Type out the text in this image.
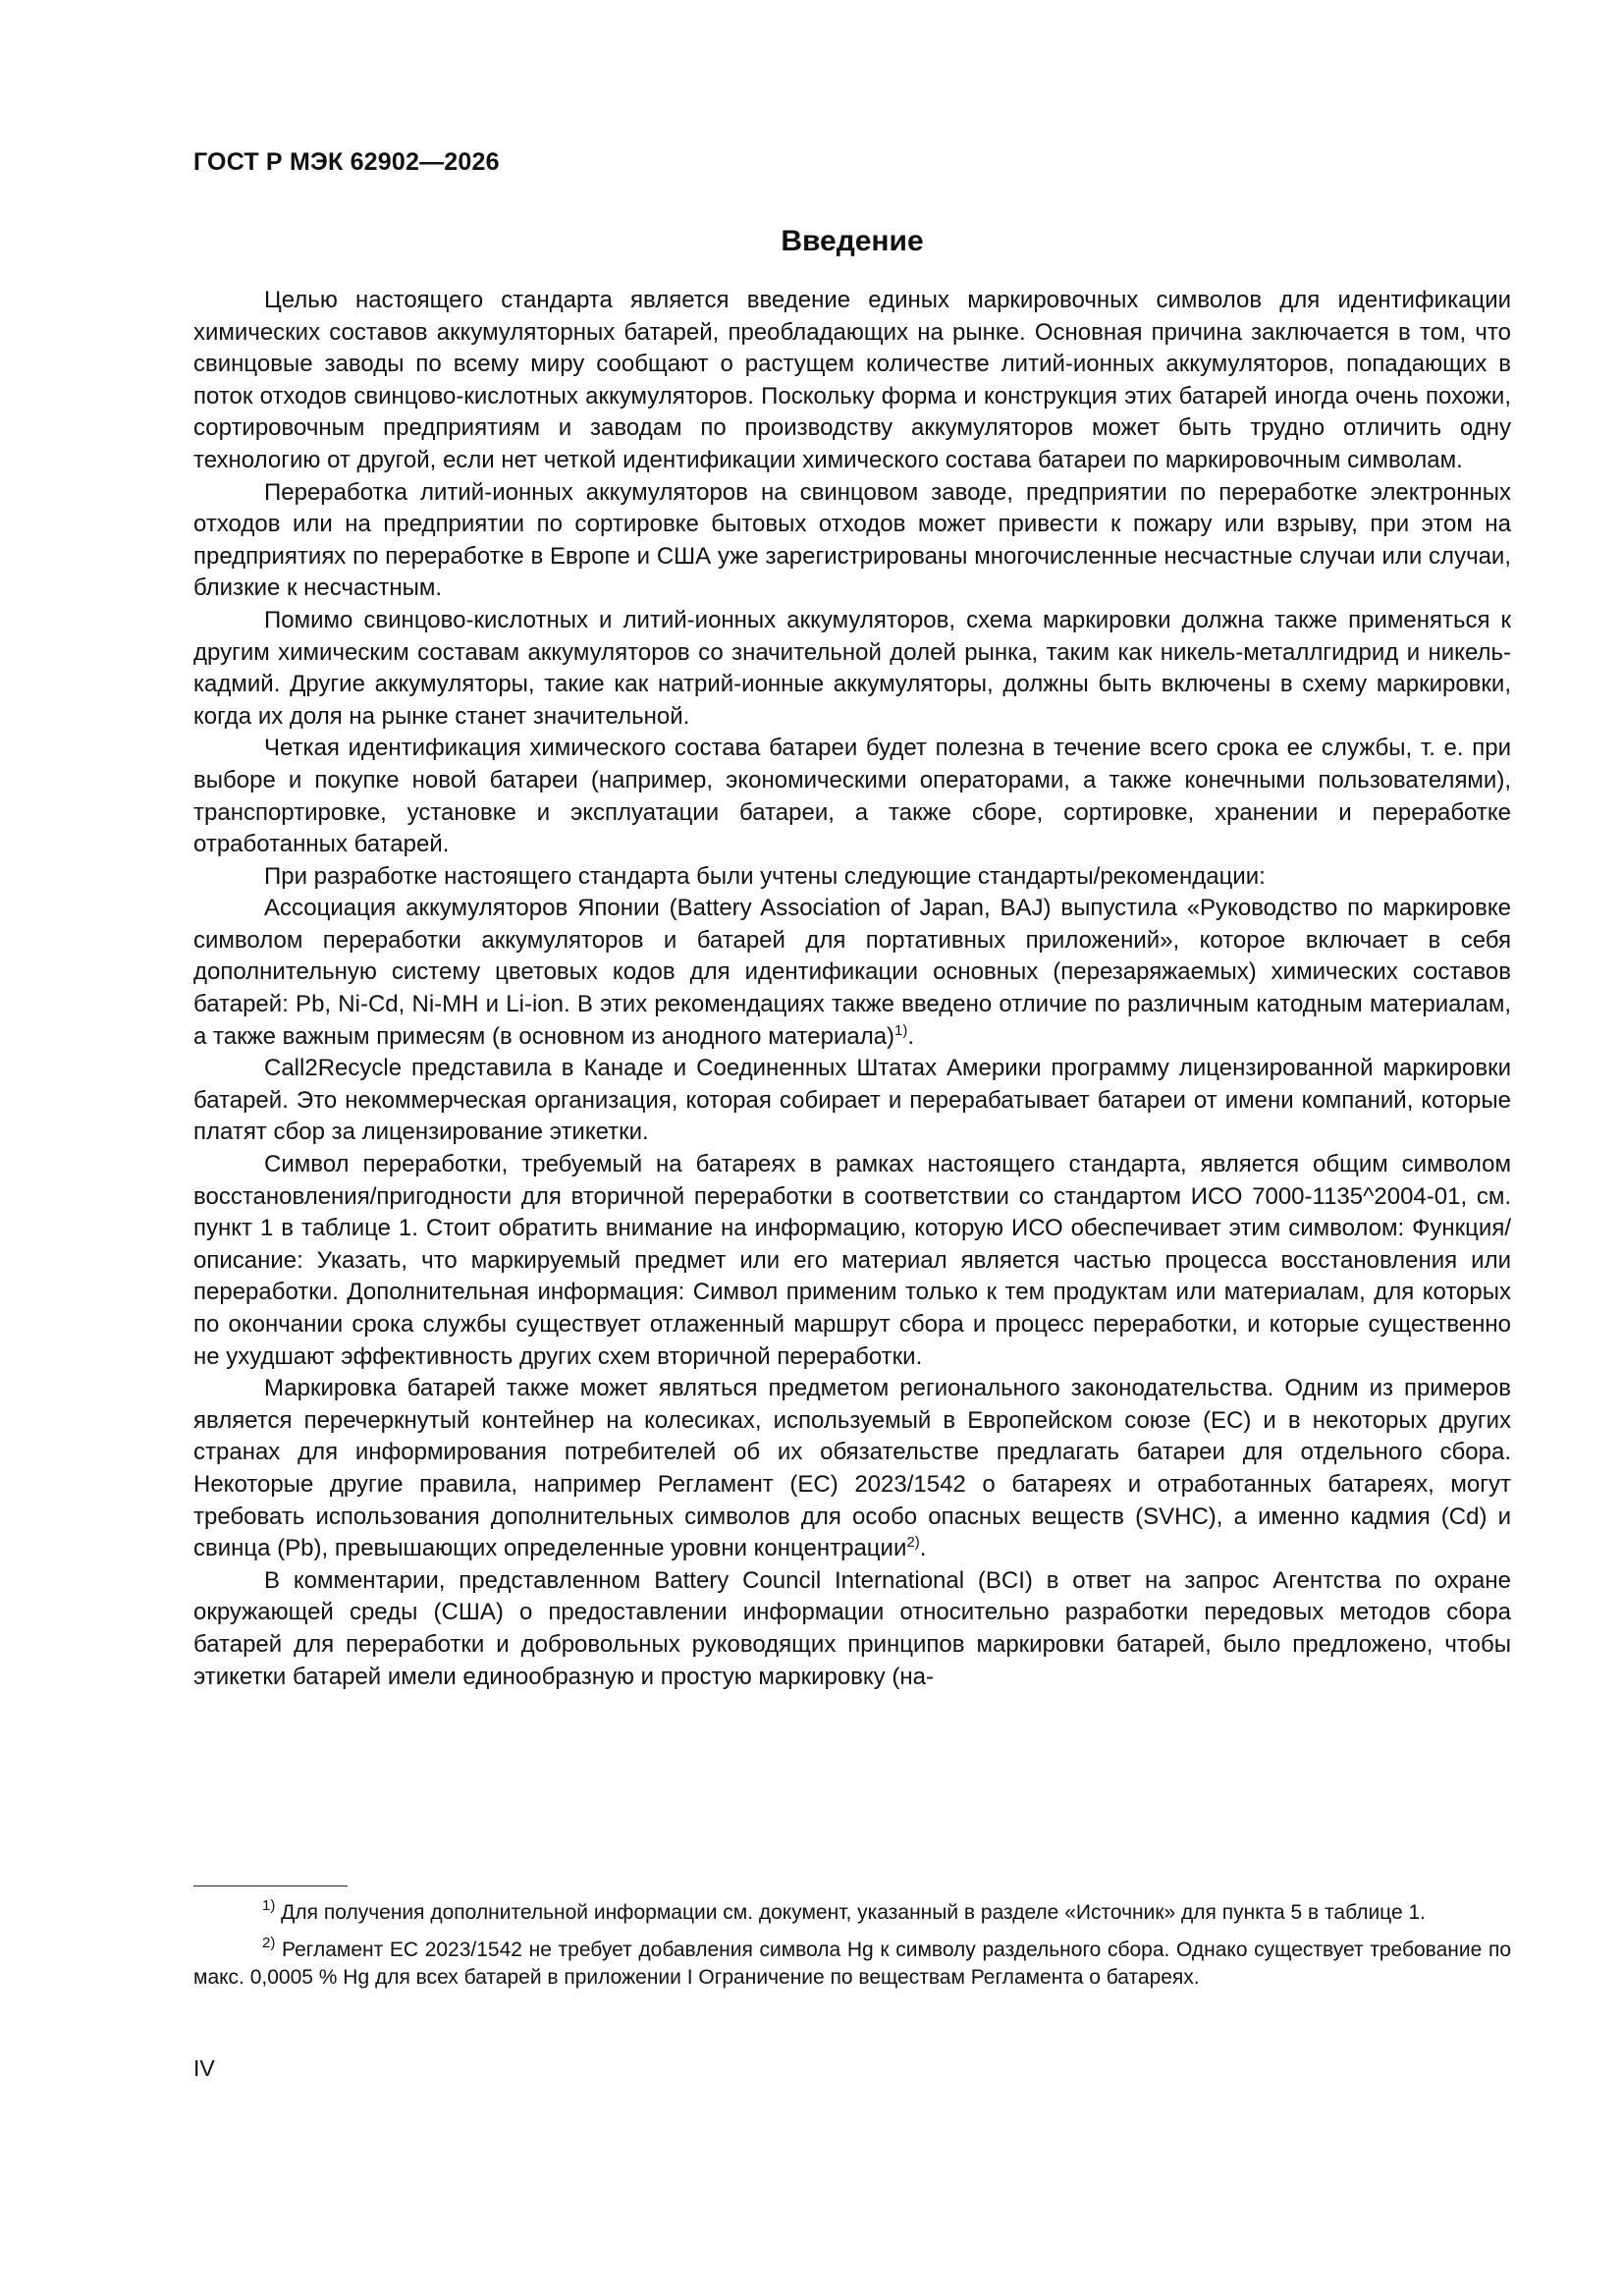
ГОСТ Р МЭК 62902—2026
Введение

Целью настоящего стандарта является введение единых маркировочных символов для идентификации химических составов аккумуляторных батарей, преобладающих на рынке. Основная причина заключается в том, что свинцовые заводы по всему миру сообщают о растущем количестве литий-ионных аккумуляторов, попадающих в поток отходов свинцово-кислотных аккумуляторов. Поскольку форма и конструкция этих батарей иногда очень похожи, сортировочным предприятиям и заводам по производству аккумуляторов может быть трудно отличить одну технологию от другой, если нет четкой идентификации химического состава батареи по маркировочным символам.

Переработка литий-ионных аккумуляторов на свинцовом заводе, предприятии по переработке электронных отходов или на предприятии по сортировке бытовых отходов может привести к пожару или взрыву, при этом на предприятиях по переработке в Европе и США уже зарегистрированы многочисленные несчастные случаи или случаи, близкие к несчастным.

Помимо свинцово-кислотных и литий-ионных аккумуляторов, схема маркировки должна также применяться к другим химическим составам аккумуляторов со значительной долей рынка, таким как никель-металлгидрид и никель-кадмий. Другие аккумуляторы, такие как натрий-ионные аккумуляторы, должны быть включены в схему маркировки, когда их доля на рынке станет значительной.

Четкая идентификация химического состава батареи будет полезна в течение всего срока ее службы, т. е. при выборе и покупке новой батареи (например, экономическими операторами, а также конечными пользователями), транспортировке, установке и эксплуатации батареи, а также сборе, сортировке, хранении и переработке отработанных батарей.

При разработке настоящего стандарта были учтены следующие стандарты/рекомендации:

Ассоциация аккумуляторов Японии (Battery Association of Japan, BAJ) выпустила «Руководство по маркировке символом переработки аккумуляторов и батарей для портативных приложений», которое включает в себя дополнительную систему цветовых кодов для идентификации основных (перезаряжаемых) химических составов батарей: Pb, Ni-Cd, Ni-MH и Li-ion. В этих рекомендациях также введено отличие по различным катодным материалам, а также важным примесям (в основном из анодного материала)$^{1)}$.

Call2Recycle представила в Канаде и Соединенных Штатах Америки программу лицензированной маркировки батарей. Это некоммерческая организация, которая собирает и перерабатывает батареи от имени компаний, которые платят сбор за лицензирование этикетки.

Символ переработки, требуемый на батареях в рамках настоящего стандарта, является общим символом восстановления/пригодности для вторичной переработки в соответствии со стандартом ИСО 7000-1135^2004-01, см. пункт 1 в таблице 1. Стоит обратить внимание на информацию, которую ИСО обеспечивает этим символом: Функция/описание: Указать, что маркируемый предмет или его материал является частью процесса восстановления или переработки. Дополнительная информация: Символ применим только к тем продуктам или материалам, для которых по окончании срока службы существует отлаженный маршрут сбора и процесс переработки, и которые существенно не ухудшают эффективность других схем вторичной переработки.

Маркировка батарей также может являться предметом регионального законодательства. Одним из примеров является перечеркнутый контейнер на колесиках, используемый в Европейском союзе (ЕС) и в некоторых других странах для информирования потребителей об их обязательстве предлагать батареи для отдельного сбора. Некоторые другие правила, например Регламент (ЕС) 2023/1542 о батареях и отработанных батареях, могут требовать использования дополнительных символов для особо опасных веществ (SVHC), а именно кадмия (Cd) и свинца (Pb), превышающих определенные уровни концентрации$^{2)}$.

В комментарии, представленном Battery Council International (BCI) в ответ на запрос Агентства по охране окружающей среды (США) о предоставлении информации относительно разработки передовых методов сбора батарей для переработки и добровольных руководящих принципов маркировки батарей, было предложено, чтобы этикетки батарей имели единообразную и простую маркировку (на-

$^{1)}$ Для получения дополнительной информации см. документ, указанный в разделе «Источник» для пункта 5 в таблице 1.

$^{2)}$ Регламент ЕС 2023/1542 не требует добавления символа Hg к символу раздельного сбора. Однако существует требование по макс. 0,0005 % Hg для всех батарей в приложении I Ограничение по веществам Регламента о батареях.

IV
